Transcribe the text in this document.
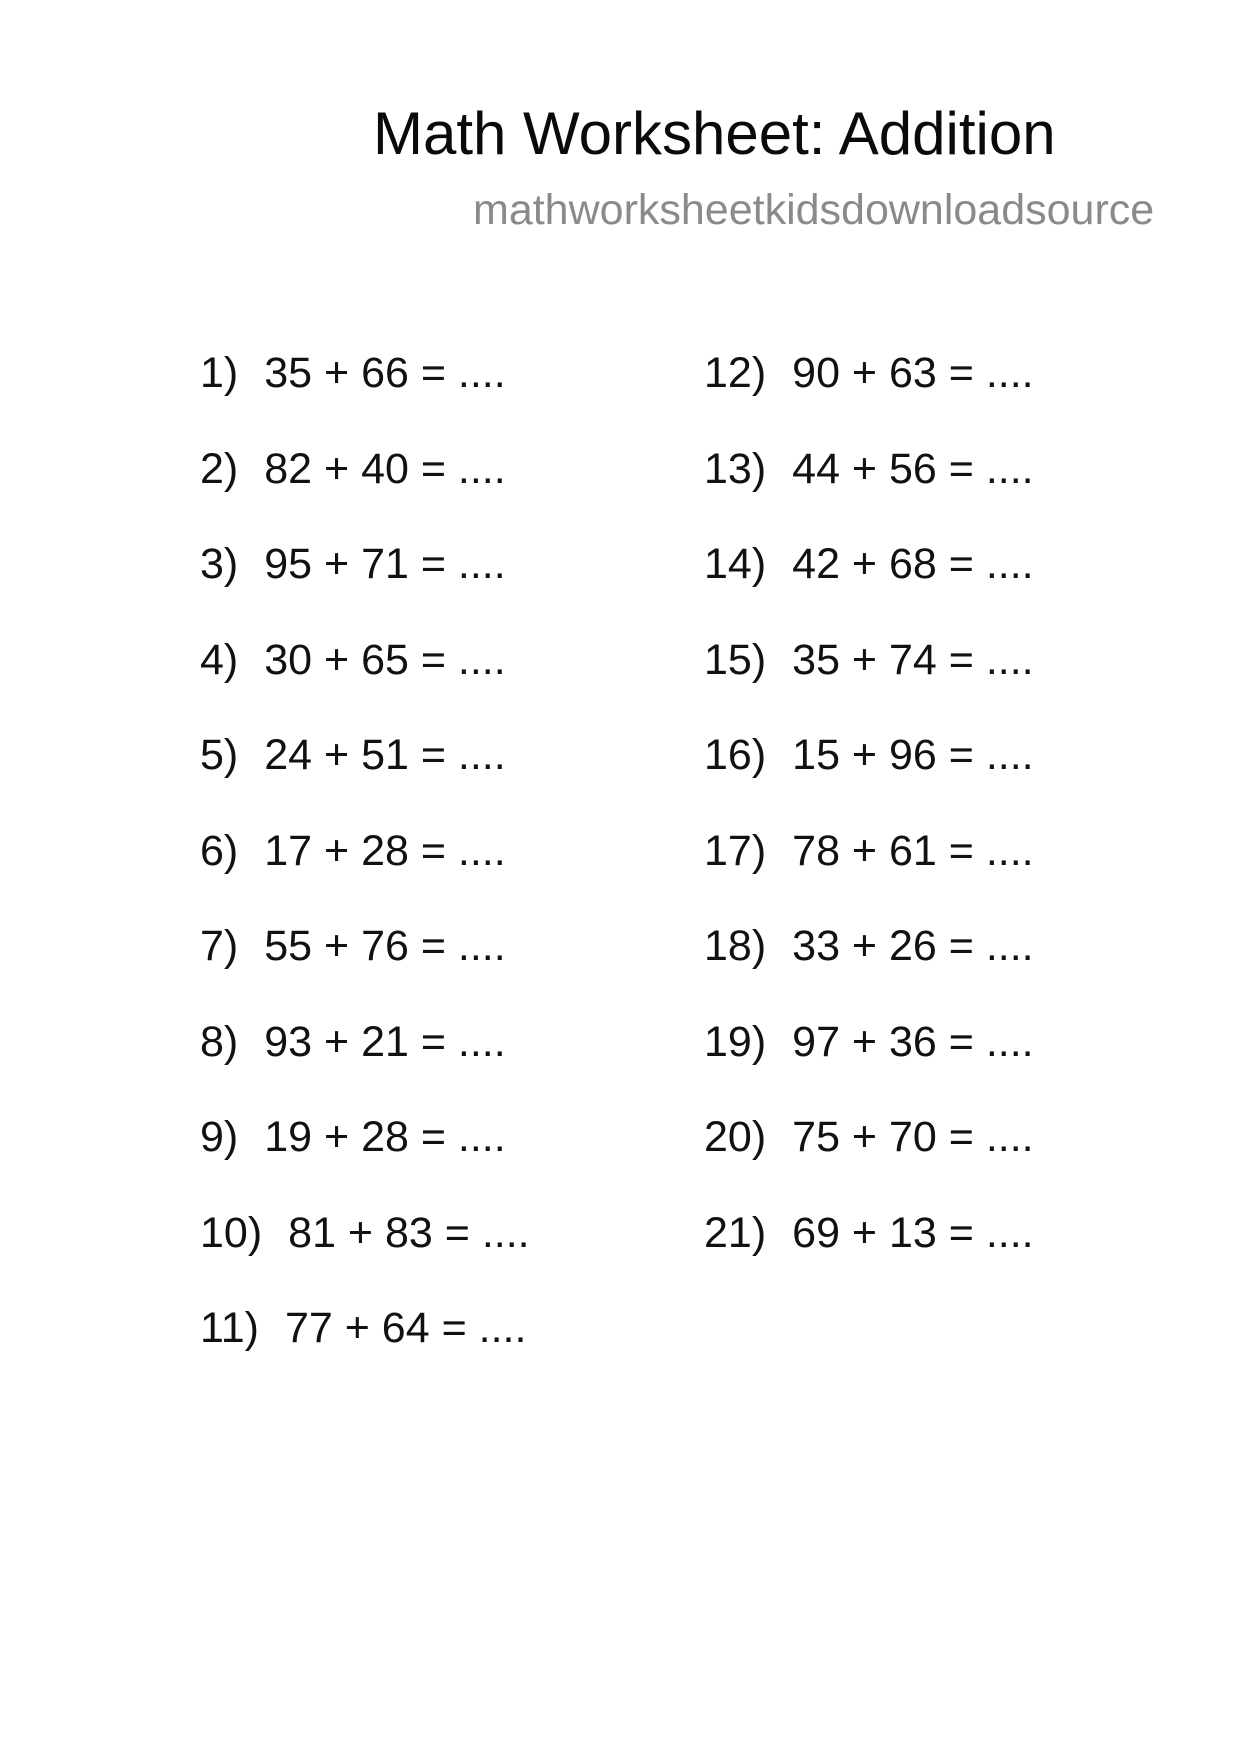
Math Worksheet: Addition
mathworksheetkidsdownloadsource
1) 35 + 66 = ....
2) 82 + 40 = ....
3) 95 + 71 = ....
4) 30 + 65 = ....
5) 24 + 51 = ....
6) 17 + 28 = ....
7) 55 + 76 = ....
8) 93 + 21 = ....
9) 19 + 28 = ....
10) 81 + 83 = ....
11) 77 + 64 = ....
12) 90 + 63 = ....
13) 44 + 56 = ....
14) 42 + 68 = ....
15) 35 + 74 = ....
16) 15 + 96 = ....
17) 78 + 61 = ....
18) 33 + 26 = ....
19) 97 + 36 = ....
20) 75 + 70 = ....
21) 69 + 13 = ....
